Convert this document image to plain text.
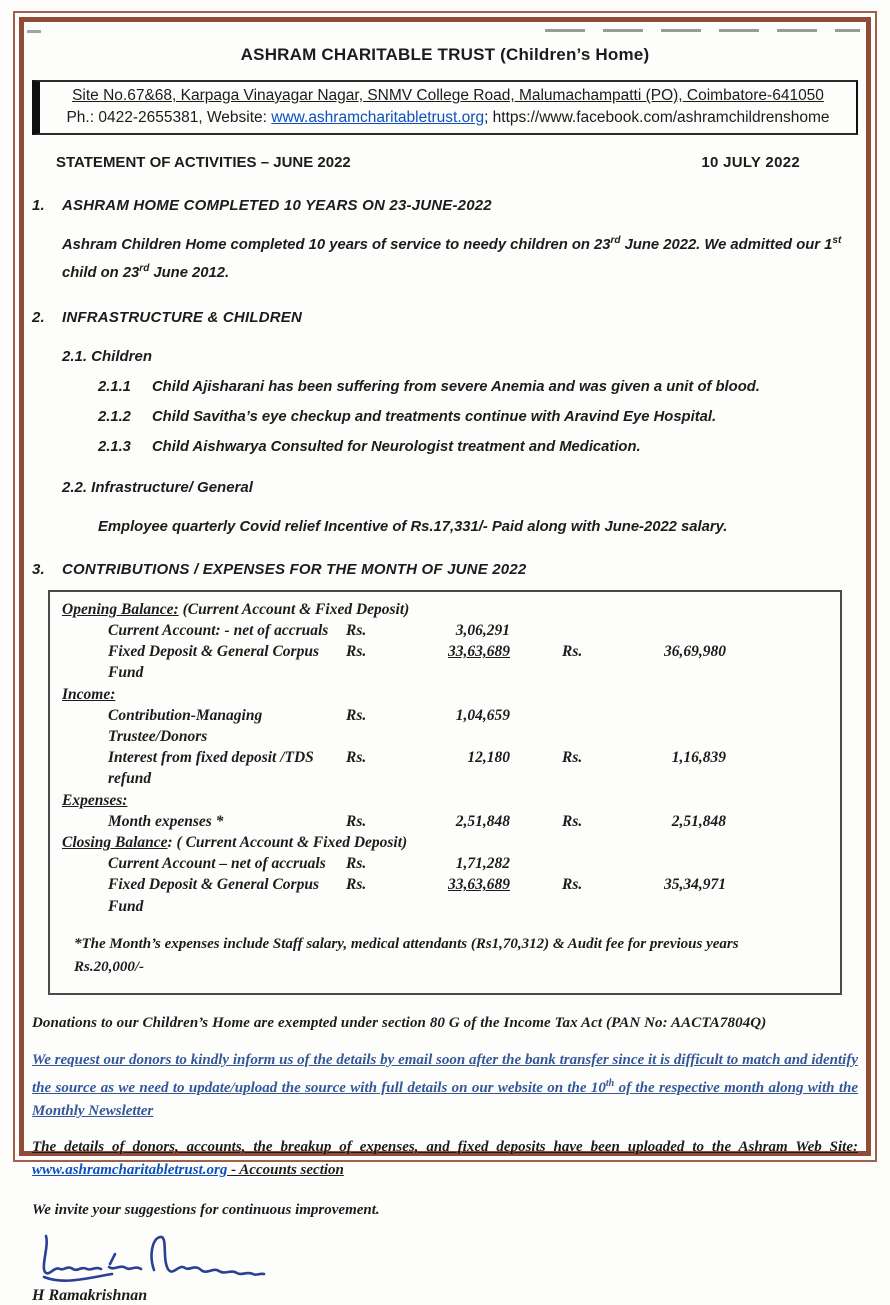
ASHRAM CHARITABLE TRUST (Children’s Home)
Site No.67&68, Karpaga Vinayagar Nagar, SNMV College Road, Malumachampatti (PO), Coimbatore-641050
Ph.: 0422-2655381, Website: www.ashramcharitabletrust.org; https://www.facebook.com/ashramchildrenshome
STATEMENT OF ACTIVITIES – JUNE 2022	10 JULY 2022
1.	ASHRAM HOME COMPLETED 10 YEARS ON 23-JUNE-2022

Ashram Children Home completed 10 years of service to needy children on 23rd June 2022. We admitted our 1st child on 23rd June 2012.

2.	INFRASTRUCTURE & CHILDREN
2.1. Children
2.1.1	Child Ajisharani has been suffering from severe Anemia and was given a unit of blood.
2.1.2	Child Savitha’s eye checkup and treatments continue with Aravind Eye Hospital.
2.1.3	Child Aishwarya Consulted for Neurologist treatment and Medication.
2.2. Infrastructure/ General

Employee quarterly Covid relief Incentive of Rs.17,331/- Paid along with June-2022 salary.

3.	CONTRIBUTIONS / EXPENSES FOR THE MONTH OF JUNE 2022
Opening Balance: (Current Account & Fixed Deposit)
Current Account: - net of accruals	Rs.	3,06,291
Fixed Deposit & General Corpus Fund
Rs.	33,63,689	Rs.	36,69,980
Income:
Contribution-Managing Trustee/Donors
Rs.	1,04,659
Interest from fixed deposit /TDS refund
Rs.	12,180	Rs.	1,16,839
Expenses:
Month expenses *	Rs.	2,51,848	Rs.	2,51,848
Closing Balance: ( Current Account & Fixed Deposit)
Current Account – net of accruals	Rs.	1,71,282
Fixed Deposit & General Corpus Fund
Rs.	33,63,689	Rs.	35,34,971
*The Month’s expenses include Staff salary, medical attendants (Rs1,70,312) & Audit fee for previous years
Rs.20,000/-

Donations to our Children’s Home are exempted under section 80 G of the Income Tax Act (PAN No: AACTA7804Q)

We request our donors to kindly inform us of the details by email soon after the bank transfer since it is difficult to match and identify the source as we need to update/upload the source with full details on our website on the 10th of the respective month along with the Monthly Newsletter

The details of donors, accounts, the breakup of expenses, and fixed deposits have been uploaded to the Ashram Web Site: www.ashramcharitabletrust.org - Accounts section

We invite your suggestions for continuous improvement.

H Ramakrishnan
